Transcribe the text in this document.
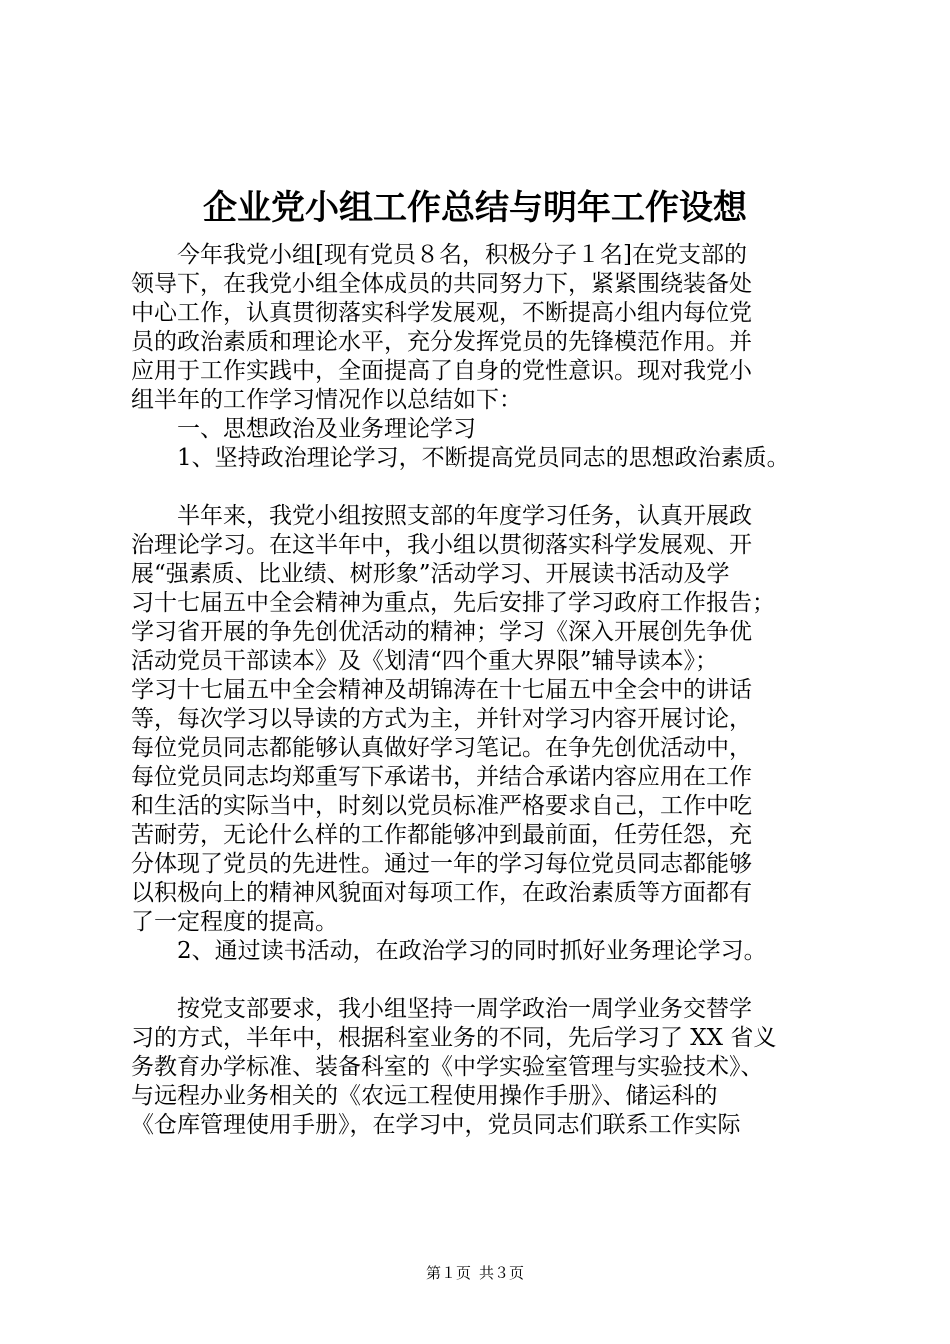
企业党小组工作总结与明年工作设想
今年我党小组[现有党员８名，积极分子１名]在党支部的
领导下，在我党小组全体成员的共同努力下，紧紧围绕装备处
中心工作，认真贯彻落实科学发展观，不断提高小组内每位党
员的政治素质和理论水平，充分发挥党员的先锋模范作用。并
应用于工作实践中，全面提高了自身的党性意识。现对我党小
组半年的工作学习情况作以总结如下：
一、思想政治及业务理论学习
1、坚持政治理论学习，不断提高党员同志的思想政治素质。
半年来，我党小组按照支部的年度学习任务，认真开展政
治理论学习。在这半年中，我小组以贯彻落实科学发展观、开
展“强素质、比业绩、树形象”活动学习、开展读书活动及学
习十七届五中全会精神为重点，先后安排了学习政府工作报告；
学习省开展的争先创优活动的精神；学习《深入开展创先争优
活动党员干部读本》及《划清“四个重大界限”辅导读本》；
学习十七届五中全会精神及胡锦涛在十七届五中全会中的讲话
等，每次学习以导读的方式为主，并针对学习内容开展讨论，
每位党员同志都能够认真做好学习笔记。在争先创优活动中，
每位党员同志均郑重写下承诺书，并结合承诺内容应用在工作
和生活的实际当中，时刻以党员标准严格要求自己，工作中吃
苦耐劳，无论什么样的工作都能够冲到最前面，任劳任怨，充
分体现了党员的先进性。通过一年的学习每位党员同志都能够
以积极向上的精神风貌面对每项工作，在政治素质等方面都有
了一定程度的提高。
2、通过读书活动，在政治学习的同时抓好业务理论学习。
按党支部要求，我小组坚持一周学政治一周学业务交替学
习的方式，半年中，根据科室业务的不同，先后学习了 XX 省义
务教育办学标准、装备科室的《中学实验室管理与实验技术》、
与远程办业务相关的《农远工程使用操作手册》、储运科的
《仓库管理使用手册》，在学习中，党员同志们联系工作实际
第１页 共３页
